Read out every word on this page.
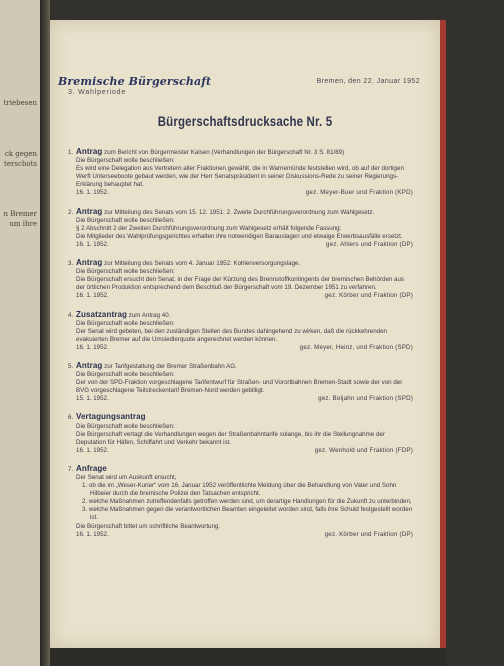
triebesen
ck gegen
terschots
n Bremer
um ihre
Bremische Bürgerschaft
3. Wahlperiode
Bremen, den 22. Januar 1952
Bürgerschaftsdrucksache Nr. 5
1. Antrag zum Bericht von Bürgermeister Kaisen (Verhandlungen der Bürgerschaft Nr. 3 S. 81/89)
Die Bürgerschaft wolle beschließen:
Es wird eine Delegation aus Vertretern aller Fraktionen gewählt, die in Warnemünde feststellen wird, ob auf der dortigen Werft Unterseeboote gebaut werden, wie der Herr Senatspräsident in seiner Diskussions-Rede zu seiner Regierungs-Erklärung behauptet hat.
16. 1. 1952.	gez. Meyer-Buer und Fraktion (KPD)
2. Antrag zur Mitteilung des Senats vom 15. 12. 1951: 2. Zweite Durchführungsverordnung zum Wahlgesetz.
Die Bürgerschaft wolle beschließen:
§ 2 Abschnitt 2 der Zweiten Durchführungsverordnung zum Wahlgesetz erhält folgende Fassung:
Die Mitglieder des Wahlprüfungsgerichtes erhalten ihre notwendigen Barauslagen und etwaige Erwerbsausfälle ersetzt.
16. 1. 1952.	gez. Ahlers und Fraktion (DP)
3. Antrag zur Mitteilung des Senats vom 4. Januar 1952: Kohlenversorgungslage.
Die Bürgerschaft wolle beschließen:
Die Bürgerschaft ersucht den Senat, in der Frage der Kürzung des Brennstoffkontingents der bremischen Behörden aus der örtlichen Produktion entsprechend dem Beschluß der Bürgerschaft vom 19. Dezember 1951 zu verfahren.
16. 1. 1952.	gez. Körber und Fraktion (DP)
4. Zusatzantrag zum Antrag 40.
Die Bürgerschaft wolle beschließen:
Der Senat wird gebeten, bei den zuständigen Stellen des Bundes dahingehend zu wirken, daß die rückkehrenden evakuierten Bremer auf die Umsiedlerquote angerechnet werden können.
16. 1. 1952.	gez. Meyer, Heinz, und Fraktion (SPD)
5. Antrag zur Tarifgestaltung der Bremer Straßenbahn AG.
Die Bürgerschaft wolle beschließen:
Der von der SPD-Fraktion vorgeschlagene Tarifentwurf für Straßen- und Vorortbahnen Bremen-Stadt sowie der von der BVG vorgeschlagene Teilstreckentarif Bremen-Nord werden gebilligt.
15. 1. 1952.	gez. Boljahn und Fraktion (SPD)
6. Vertagungsantrag
Die Bürgerschaft wolle beschließen:
Die Bürgerschaft vertagt die Verhandlungen wegen der Straßenbahntarife solange, bis ihr die Stellungnahme der Deputation für Häfen, Schiffahrt und Verkehr bekannt ist.
16. 1. 1952.	gez. Wenhold und Fraktion (FDP)
7. Anfrage
Der Senat wird um Auskunft ersucht,
1. ob die im „Weser-Kurier“ vom 16. Januar 1952 veröffentlichte Meldung über die Behandlung von Vater und Sohn Hilbeier durch die bremische Polizei den Tatsachen entspricht.
2. welche Maßnahmen zutreffendenfalls getroffen werden sind, um derartige Handlungen für die Zukunft zu unterbinden,
3. welche Maßnahmen gegen die verantwortlichen Beamten eingeleitet worden sind, falls ihre Schuld festgestellt worden ist.
Die Bürgerschaft bittet um schriftliche Beantwortung.
16. 1. 1952.	gez. Körber und Fraktion (DP)
